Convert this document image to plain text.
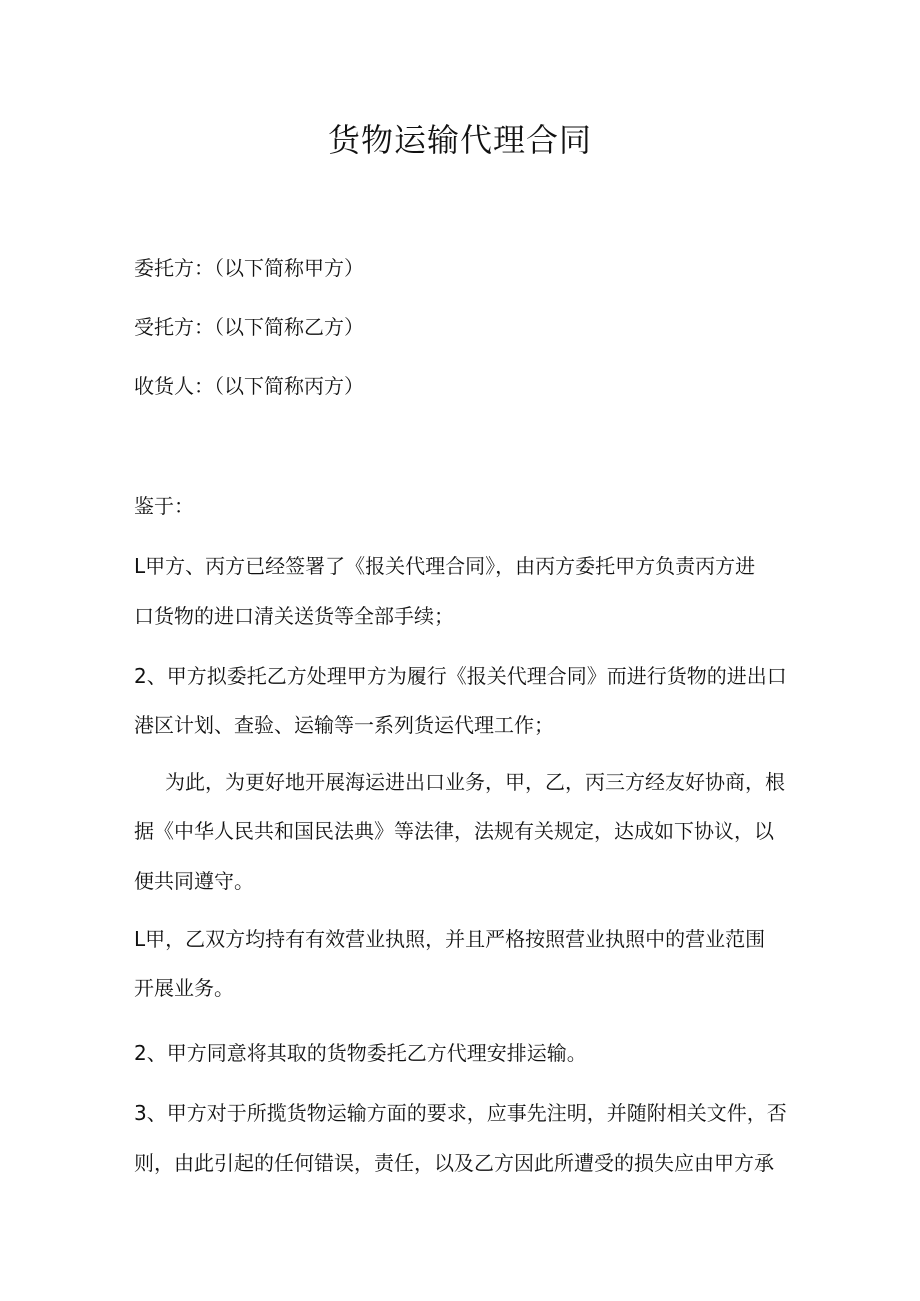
货物运输代理合同

委托方：（以下简称甲方）

受托方：（以下简称乙方）

收货人：（以下简称丙方）

鉴于：

L甲方、丙方已经签署了《报关代理合同》，由丙方委托甲方负责丙方进

口货物的进口清关送货等全部手续；

2、甲方拟委托乙方处理甲方为履行《报关代理合同》而进行货物的进出口

港区计划、查验、运输等一系列货运代理工作；

为此，为更好地开展海运进出口业务，甲，乙，丙三方经友好协商，根

据《中华人民共和国民法典》等法律，法规有关规定，达成如下协议，以

便共同遵守。

L甲，乙双方均持有有效营业执照，并且严格按照营业执照中的营业范围

开展业务。

2、甲方同意将其取的货物委托乙方代理安排运输。

3、甲方对于所揽货物运输方面的要求，应事先注明，并随附相关文件，否

则，由此引起的任何错误，责任，以及乙方因此所遭受的损失应由甲方承
